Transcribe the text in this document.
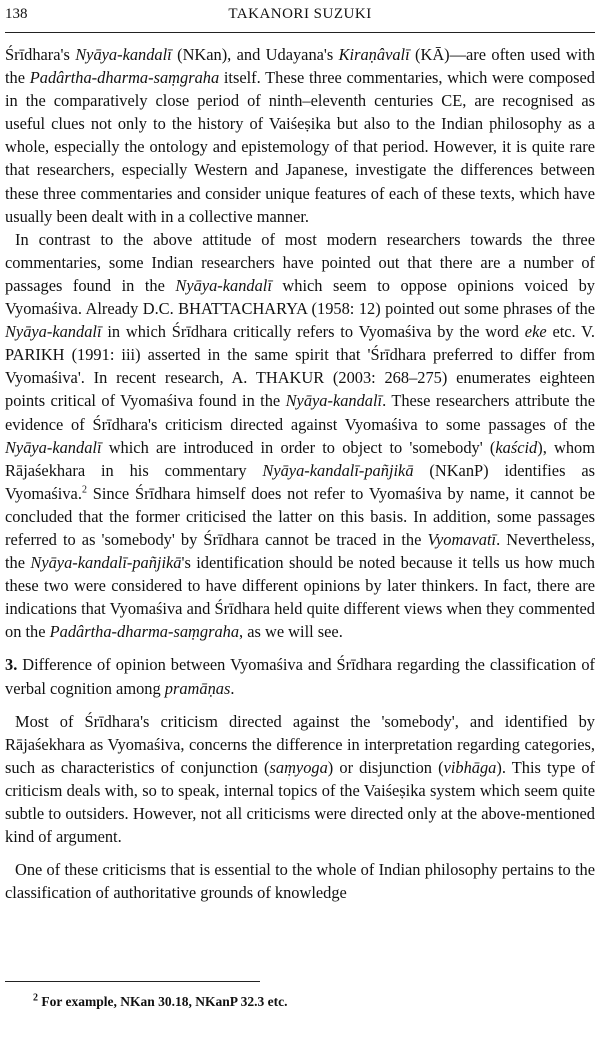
138	TAKANORI SUZUKI

Śrīdhara's Nyāya-kandalī (NKan), and Udayana's Kiraṇâvalī (KĀ)—are often used with the Padârtha-dharma-saṃgraha itself. These three commentaries, which were composed in the comparatively close period of ninth–eleventh centuries CE, are recognised as useful clues not only to the history of Vaiśeṣika but also to the Indian philosophy as a whole, especially the ontology and epistemology of that period. However, it is quite rare that researchers, especially Western and Japanese, investigate the differences between these three commentaries and consider unique features of each of these texts, which have usually been dealt with in a collective manner.

In contrast to the above attitude of most modern researchers towards the three commentaries, some Indian researchers have pointed out that there are a number of passages found in the Nyāya-kandalī which seem to oppose opinions voiced by Vyomaśiva. Already D.C. BHATTACHARYA (1958: 12) pointed out some phrases of the Nyāya-kandalī in which Śrīdhara critically refers to Vyomaśiva by the word eke etc. V. PARIKH (1991: iii) asserted in the same spirit that 'Śrīdhara preferred to differ from Vyomaśiva'. In recent research, A. THAKUR (2003: 268–275) enumerates eighteen points critical of Vyomaśiva found in the Nyāya-kandalī. These researchers attribute the evidence of Śrīdhara's criticism directed against Vyomaśiva to some passages of the Nyāya-kandalī which are introduced in order to object to 'somebody' (kaścid), whom Rājaśekhara in his commentary Nyāya-kandalī-pañjikā (NKanP) identifies as Vyomaśiva.$^2$ Since Śrīdhara himself does not refer to Vyomaśiva by name, it cannot be concluded that the former criticised the latter on this basis. In addition, some passages referred to as 'somebody' by Śrīdhara cannot be traced in the Vyomavatī. Nevertheless, the Nyāya-kandalī-pañjikā's identification should be noted because it tells us how much these two were considered to have different opinions by later thinkers. In fact, there are indications that Vyomaśiva and Śrīdhara held quite different views when they commented on the Padârtha-dharma-saṃgraha, as we will see.

3. Difference of opinion between Vyomaśiva and Śrīdhara regarding the classification of verbal cognition among pramāṇas.

Most of Śrīdhara's criticism directed against the 'somebody', and identified by Rājaśekhara as Vyomaśiva, concerns the difference in interpretation regarding categories, such as characteristics of conjunction (saṃyoga) or disjunction (vibhāga). This type of criticism deals with, so to speak, internal topics of the Vaiśeṣika system which seem quite subtle to outsiders. However, not all criticisms were directed only at the above-mentioned kind of argument.

One of these criticisms that is essential to the whole of Indian philosophy pertains to the classification of authoritative grounds of knowledge

$^2$ For example, NKan 30.18, NKanP 32.3 etc.
